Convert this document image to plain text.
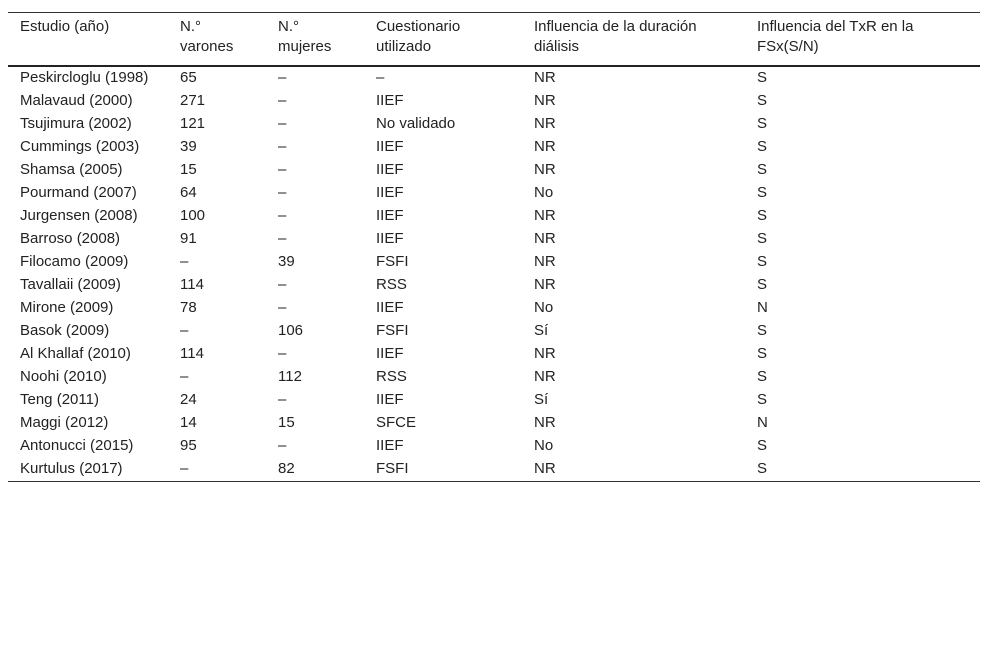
Estudio (año)	N.° varones	N.° mujeres	Cuestionario utilizado	Influencia de la duración diálisis	Influencia del TxR en la FSx(S/N)
Peskircloglu (1998)	65	–	–	NR	S
Malavaud (2000)	271	–	IIEF	NR	S
Tsujimura (2002)	121	–	No validado	NR	S
Cummings (2003)	39	–	IIEF	NR	S
Shamsa (2005)	15	–	IIEF	NR	S
Pourmand (2007)	64	–	IIEF	No	S
Jurgensen (2008)	100	–	IIEF	NR	S
Barroso (2008)	91	–	IIEF	NR	S
Filocamo (2009)	–	39	FSFI	NR	S
Tavallaii (2009)	114	–	RSS	NR	S
Mirone (2009)	78	–	IIEF	No	N
Basok (2009)	–	106	FSFI	Sí	S
Al Khallaf (2010)	114	–	IIEF	NR	S
Noohi (2010)	–	112	RSS	NR	S
Teng (2011)	24	–	IIEF	Sí	S
Maggi (2012)	14	15	SFCE	NR	N
Antonucci (2015)	95	–	IIEF	No	S
Kurtulus (2017)	–	82	FSFI	NR	S
